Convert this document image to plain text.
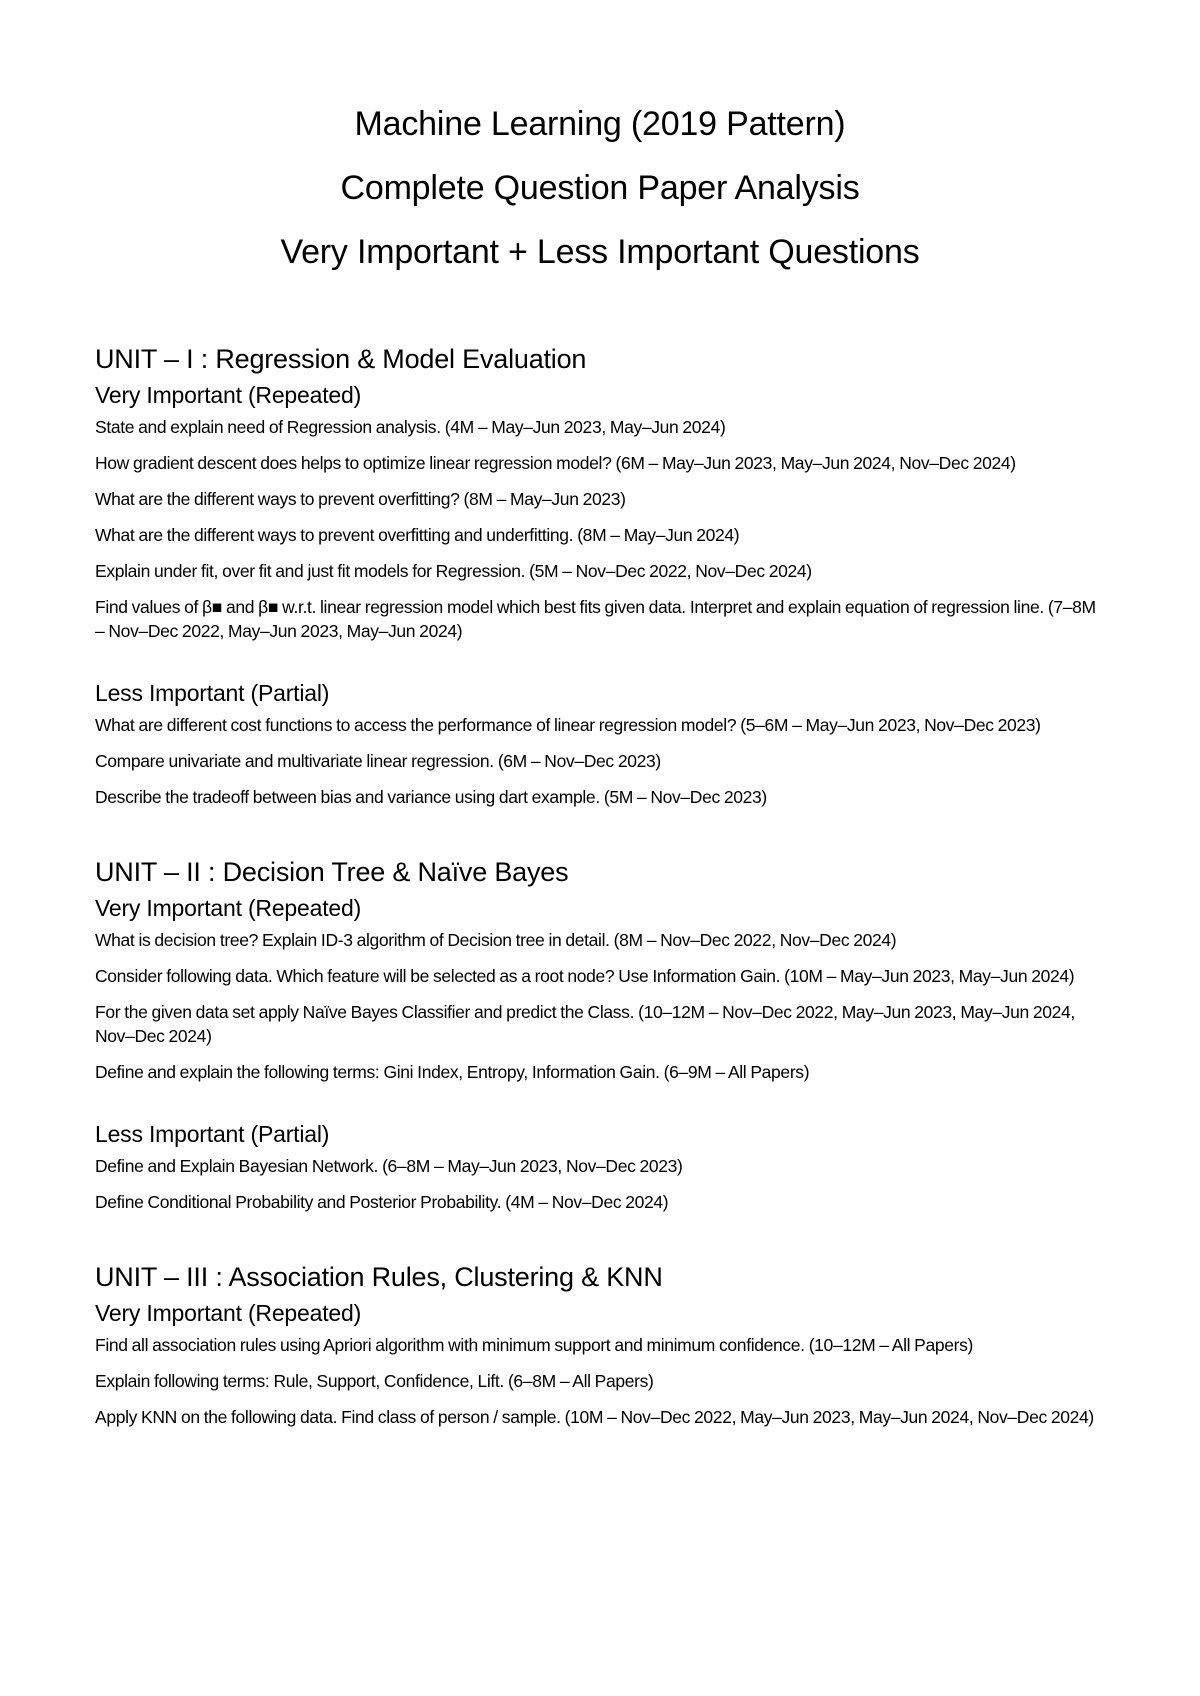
Machine Learning (2019 Pattern)
Complete Question Paper Analysis
Very Important + Less Important Questions
UNIT – I : Regression & Model Evaluation
Very Important (Repeated)
State and explain need of Regression analysis. (4M – May–Jun 2023, May–Jun 2024)
How gradient descent does helps to optimize linear regression model? (6M – May–Jun 2023, May–Jun 2024, Nov–Dec 2024)
What are the different ways to prevent overfitting? (8M – May–Jun 2023)
What are the different ways to prevent overfitting and underfitting. (8M – May–Jun 2024)
Explain under fit, over fit and just fit models for Regression. (5M – Nov–Dec 2022, Nov–Dec 2024)
Find values of β■ and β■ w.r.t. linear regression model which best fits given data. Interpret and explain equation of regression line. (7–8M – Nov–Dec 2022, May–Jun 2023, May–Jun 2024)
Less Important (Partial)
What are different cost functions to access the performance of linear regression model? (5–6M – May–Jun 2023, Nov–Dec 2023)
Compare univariate and multivariate linear regression. (6M – Nov–Dec 2023)
Describe the tradeoff between bias and variance using dart example. (5M – Nov–Dec 2023)
UNIT – II : Decision Tree & Naïve Bayes
Very Important (Repeated)
What is decision tree? Explain ID-3 algorithm of Decision tree in detail. (8M – Nov–Dec 2022, Nov–Dec 2024)
Consider following data. Which feature will be selected as a root node? Use Information Gain. (10M – May–Jun 2023, May–Jun 2024)
For the given data set apply Naïve Bayes Classifier and predict the Class. (10–12M – Nov–Dec 2022, May–Jun 2023, May–Jun 2024, Nov–Dec 2024)
Define and explain the following terms: Gini Index, Entropy, Information Gain. (6–9M – All Papers)
Less Important (Partial)
Define and Explain Bayesian Network. (6–8M – May–Jun 2023, Nov–Dec 2023)
Define Conditional Probability and Posterior Probability. (4M – Nov–Dec 2024)
UNIT – III : Association Rules, Clustering & KNN
Very Important (Repeated)
Find all association rules using Apriori algorithm with minimum support and minimum confidence. (10–12M – All Papers)
Explain following terms: Rule, Support, Confidence, Lift. (6–8M – All Papers)
Apply KNN on the following data. Find class of person / sample. (10M – Nov–Dec 2022, May–Jun 2023, May–Jun 2024, Nov–Dec 2024)
